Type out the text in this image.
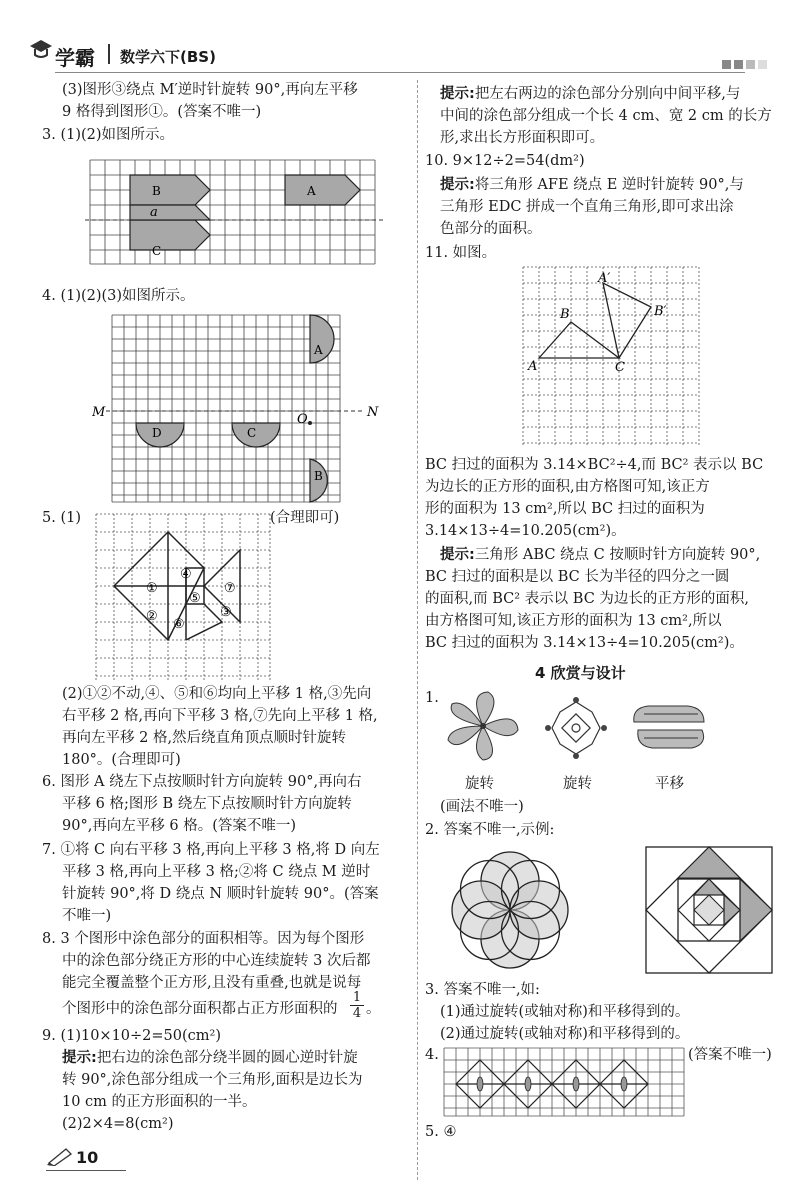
学霸 数学六下(BS)
(3)图形③绕点 M′逆时针旋转 90°,再向左平移
9 格得到图形①。(答案不唯一)
3. (1)(2)如图所示。
a
B
C
A
4. (1)(2)(3)如图所示。
M	N
O
A
B
C
D
5. (1)	(合理即可)
①
②	③
④
⑤
⑥
⑦
(2)①②不动,④、⑤和⑥均向上平移 1 格,③先向
右平移 2 格,再向下平移 3 格,⑦先向上平移 1 格,
再向左平移 2 格,然后绕直角顶点顺时针旋转
180°。(合理即可)
6. 图形 A 绕左下点按顺时针方向旋转 90°,再向右
平移 6 格;图形 B 绕左下点按顺时针方向旋转
90°,再向左平移 6 格。(答案不唯一)
7. ①将 C 向右平移 3 格,再向上平移 3 格,将 D 向左
平移 3 格,再向上平移 3 格;②将 C 绕点 M 逆时
针旋转 90°,将 D 绕点 N 顺时针旋转 90°。(答案
不唯一)
8. 3 个图形中涂色部分的面积相等。因为每个图形
中的涂色部分绕正方形的中心连续旋转 3 次后都
能完全覆盖整个正方形,且没有重叠,也就是说每
个图形中的涂色部分面积都占正方形面积的 $\frac{1}{4}$ 。
9. (1)10×10÷2=50(cm²)
提示:把右边的涂色部分绕半圆的圆心逆时针旋
转 90°,涂色部分组成一个三角形,面积是边长为
10 cm 的正方形面积的一半。
(2)2×4=8(cm²)
10
提示:把左右两边的涂色部分分别向中间平移,与
中间的涂色部分组成一个长 4 cm、宽 2 cm 的长方
形,求出长方形面积即可。
10. 9×12÷2=54(dm²)
提示:将三角形 AFE 绕点 E 逆时针旋转 90°,与
三角形 EDC 拼成一个直角三角形,即可求出涂
色部分的面积。
11. 如图。
A′
B	B′
A	C
BC 扫过的面积为 3.14×BC²÷4,而 BC² 表示以 BC
为边长的正方形的面积,由方格图可知,该正方
形的面积为 13 cm²,所以 BC 扫过的面积为
3.14×13÷4=10.205(cm²)。
提示:三角形 ABC 绕点 C 按顺时针方向旋转 90°,
BC 扫过的面积是以 BC 长为半径的四分之一圆
的面积,而 BC² 表示以 BC 为边长的正方形的面积,
由方格图可知,该正方形的面积为 13 cm²,所以
BC 扫过的面积为 3.14×13÷4=10.205(cm²)。
4 欣赏与设计
1.
旋转	旋转	平移
(画法不唯一)
2. 答案不唯一,示例:
3. 答案不唯一,如:
(1)通过旋转(或轴对称)和平移得到的。
(2)通过旋转(或轴对称)和平移得到的。
4.	(答案不唯一)
5. ④
